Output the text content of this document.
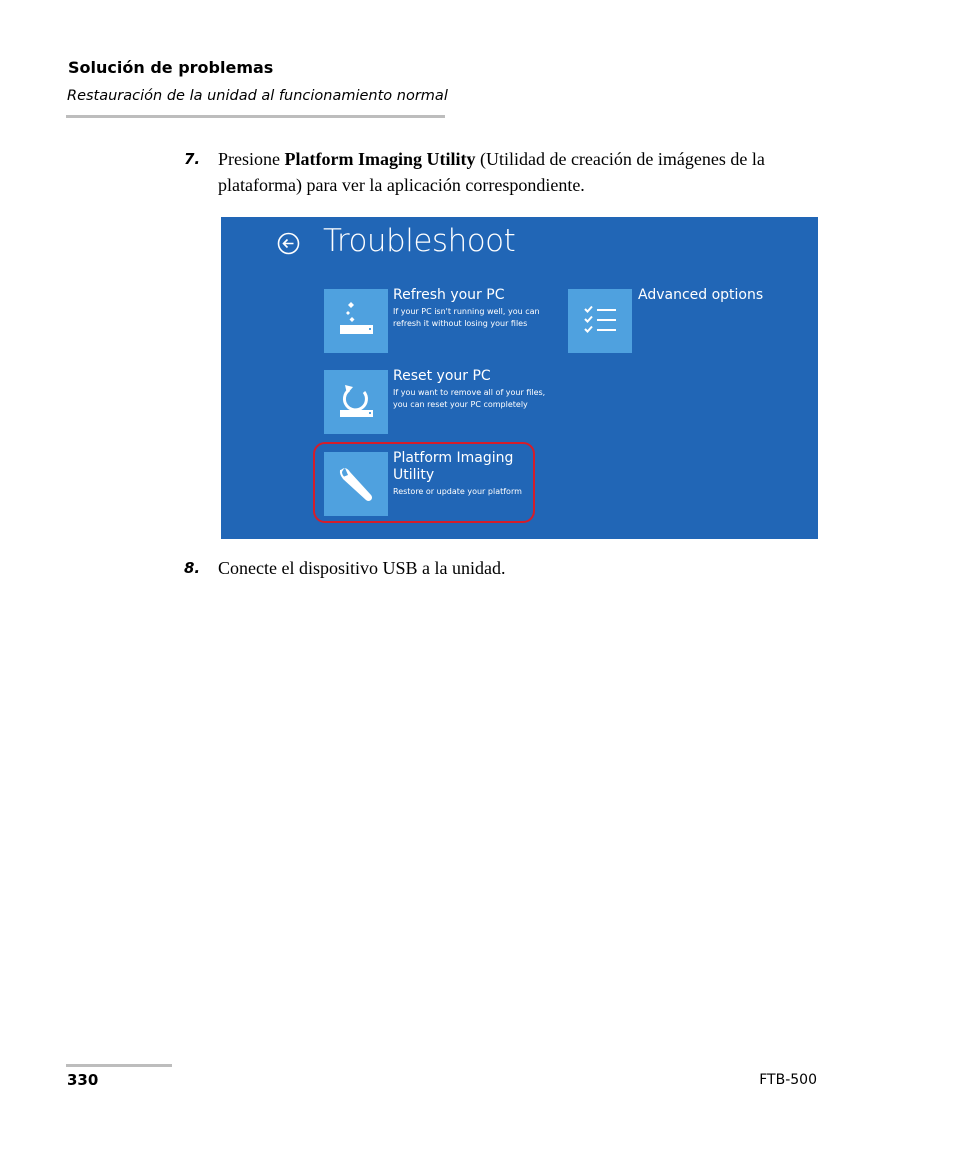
Solución de problemas
Restauración de la unidad al funcionamiento normal
7. Presione Platform Imaging Utility (Utilidad de creación de imágenes de la plataforma) para ver la aplicación correspondiente.
Troubleshoot
Refresh your PC
If your PC isn't running well, you can
refresh it without losing your files
Reset your PC
If you want to remove all of your files,
you can reset your PC completely
Platform Imaging
Utility
Restore or update your platform
Advanced options
8. Conecte el dispositivo USB a la unidad.
330	FTB-500
